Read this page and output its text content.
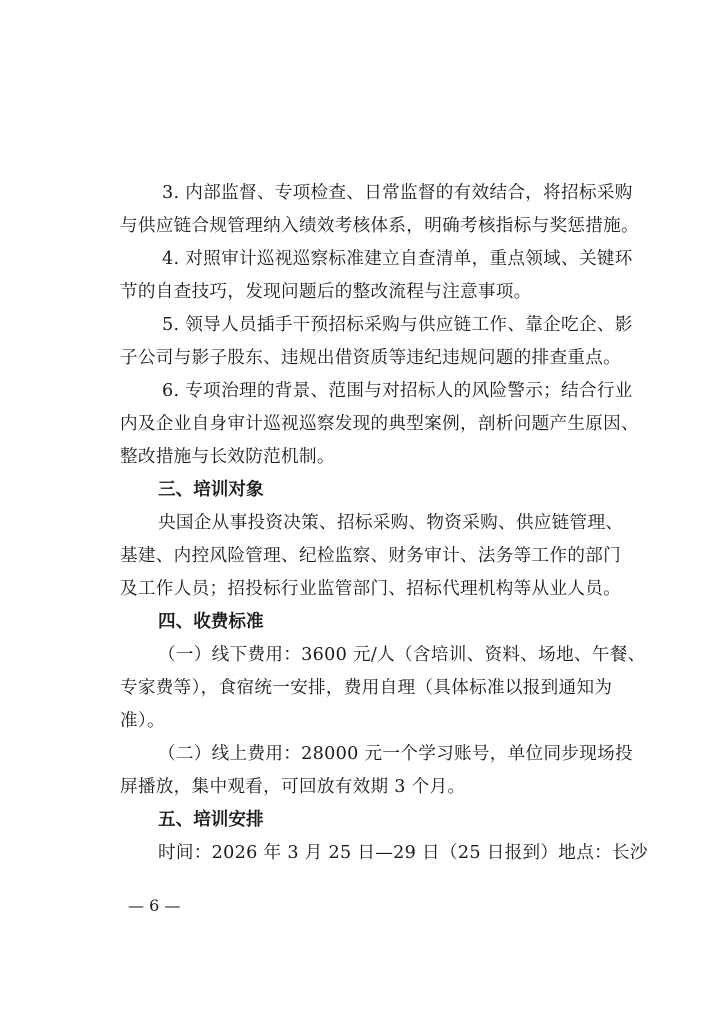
3. 内部监督、专项检查、日常监督的有效结合，将招标采购
与供应链合规管理纳入绩效考核体系，明确考核指标与奖惩措施。
4. 对照审计巡视巡察标准建立自查清单，重点领域、关键环
节的自查技巧，发现问题后的整改流程与注意事项。
5. 领导人员插手干预招标采购与供应链工作、靠企吃企、影
子公司与影子股东、违规出借资质等违纪违规问题的排查重点。
6. 专项治理的背景、范围与对招标人的风险警示；结合行业
内及企业自身审计巡视巡察发现的典型案例，剖析问题产生原因、
整改措施与长效防范机制。
三、培训对象
央国企从事投资决策、招标采购、物资采购、供应链管理、
基建、内控风险管理、纪检监察、财务审计、法务等工作的部门
及工作人员；招投标行业监管部门、招标代理机构等从业人员。
四、收费标准
（一）线下费用：3600 元/人（含培训、资料、场地、午餐、
专家费等），食宿统一安排，费用自理（具体标准以报到通知为
准）。
（二）线上费用：28000 元一个学习账号，单位同步现场投
屏播放，集中观看，可回放有效期 3 个月。
五、培训安排
时间：2026 年 3 月 25 日—29 日（25 日报到）地点：长沙
— 6 —
